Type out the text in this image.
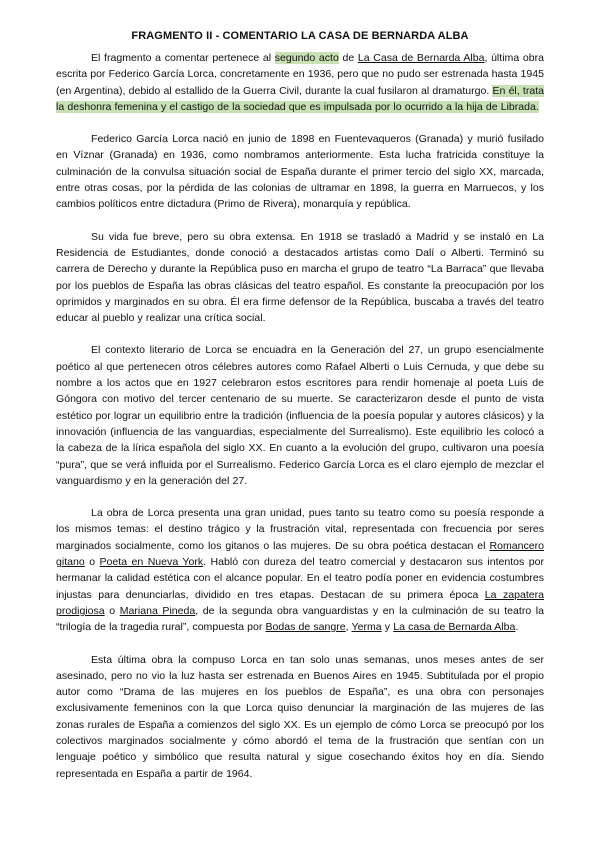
FRAGMENTO II - COMENTARIO LA CASA DE BERNARDA ALBA

El fragmento a comentar pertenece al segundo acto de La Casa de Bernarda Alba, última obra escrita por Federico García Lorca, concretamente en 1936, pero que no pudo ser estrenada hasta 1945 (en Argentina), debido al estallido de la Guerra Civil, durante la cual fusilaron al dramaturgo. En él, trata la deshonra femenina y el castigo de la sociedad que es impulsada por lo ocurrido a la hija de Librada.

Federico García Lorca nació en junio de 1898 en Fuentevaqueros (Granada) y murió fusilado en Víznar (Granada) en 1936, como nombramos anteriormente. Esta lucha fratricida constituye la culminación de la convulsa situación social de España durante el primer tercio del siglo XX, marcada, entre otras cosas, por la pérdida de las colonias de ultramar en 1898, la guerra en Marruecos, y los cambios políticos entre dictadura (Primo de Rivera), monarquía y república.

Su vida fue breve, pero su obra extensa. En 1918 se trasladó a Madrid y se instaló en La Residencia de Estudiantes, donde conoció a destacados artistas como Dalí o Alberti. Terminó su carrera de Derecho y durante la República puso en marcha el grupo de teatro “La Barraca” que llevaba por los pueblos de España las obras clásicas del teatro español. Es constante la preocupación por los oprimidos y marginados en su obra. Él era firme defensor de la República, buscaba a través del teatro educar al pueblo y realizar una crítica social.

El contexto literario de Lorca se encuadra en la Generación del 27, un grupo esencialmente poético al que pertenecen otros célebres autores como Rafael Alberti o Luis Cernuda, y que debe su nombre a los actos que en 1927 celebraron estos escritores para rendir homenaje al poeta Luis de Góngora con motivo del tercer centenario de su muerte. Se caracterizaron desde el punto de vista estético por lograr un equilibrio entre la tradición (influencia de la poesía popular y autores clásicos) y la innovación (influencia de las vanguardias, especialmente del Surrealismo). Este equilibrio les colocó a la cabeza de la lírica española del siglo XX. En cuanto a la evolución del grupo, cultivaron una poesía “pura”, que se verá influida por el Surrealismo. Federico García Lorca es el claro ejemplo de mezclar el vanguardismo y en la generación del 27.

La obra de Lorca presenta una gran unidad, pues tanto su teatro como su poesía responde a los mismos temas: el destino trágico y la frustración vital, representada con frecuencia por seres marginados socialmente, como los gitanos o las mujeres. De su obra poética destacan el Romancero gitano o Poeta en Nueva York. Habló con dureza del teatro comercial y destacaron sus intentos por hermanar la calidad estética con el alcance popular. En el teatro podía poner en evidencia costumbres injustas para denunciarlas, dividido en tres etapas. Destacan de su primera época La zapatera prodigiosa o Mariana Pineda, de la segunda obra vanguardistas y en la culminación de su teatro la “trilogía de la tragedia rural”, compuesta por Bodas de sangre, Yerma y La casa de Bernarda Alba.

Esta última obra la compuso Lorca en tan solo unas semanas, unos meses antes de ser asesinado, pero no vio la luz hasta ser estrenada en Buenos Aires en 1945. Subtitulada por el propio autor como “Drama de las mujeres en los pueblos de España”, es una obra con personajes exclusivamente femeninos con la que Lorca quiso denunciar la marginación de las mujeres de las zonas rurales de España a comienzos del siglo XX. Es un ejemplo de cómo Lorca se preocupó por los colectivos marginados socialmente y cómo abordó el tema de la frustración que sentían con un lenguaje poético y simbólico que resulta natural y sigue cosechando éxitos hoy en día. Siendo representada en España a partir de 1964.
